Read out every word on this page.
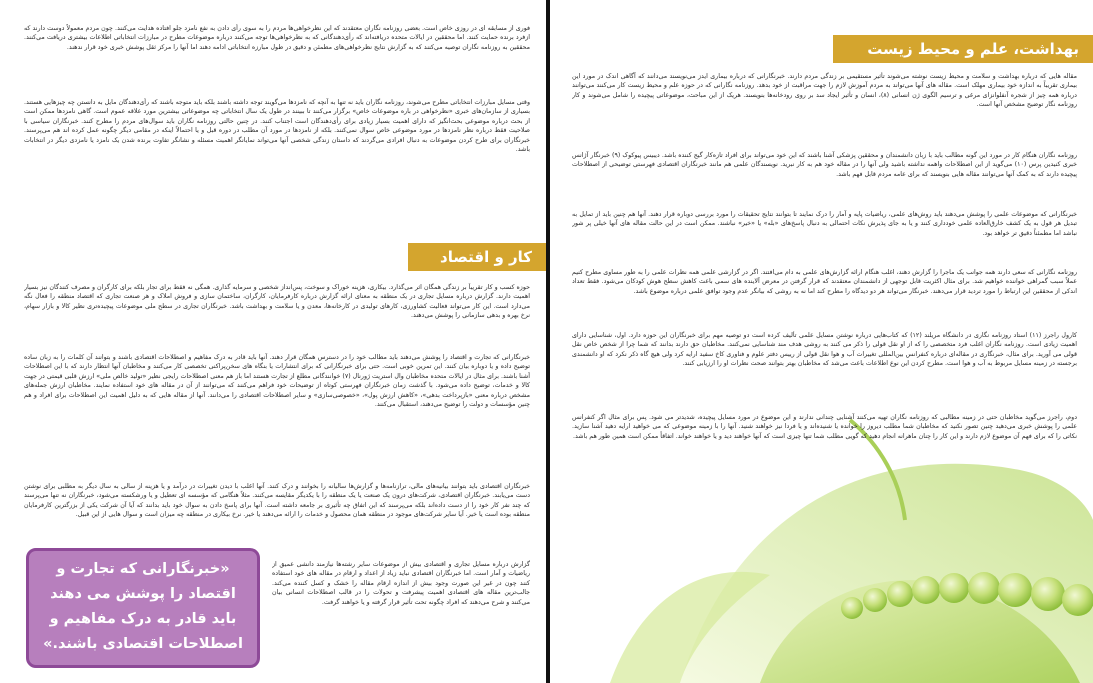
فوری از مسابقه ای در روزی خاص است. بعضی روزنامه نگاران معتقدند که این نظرخواهی‌ها مردم را به سوی رأی دادن به نفع نامزد جلو افتاده هدایت می‌کنند. چون مردم معمولاً دوست دارند که ازفرد برنده حمایت کنند. اما محققین در ایالات متحده دریافته‌اند که رأی‌دهندگانی که به نظرخواهی‌ها توجه می‌کنند درباره موضوعات مطرح در مبارزات انتخاباتی اطلاعات بیشتری دریافت می‌کنند. محققین به روزنامه نگاران توصیه می‌کنند که به گزارش نتایج نظرخواهی‌های مطمئن و دقیق در طول مبارزه انتخاباتی ادامه دهند اما آنها را مرکز ثقل پوشش خبری خود قرار ندهند.

وقتی مسایل مبارزات انتخاباتی مطرح می‌شوند، روزنامه نگاران باید نه تنها به آنچه که نامزدها می‌گویند توجه داشته باشند بلکه باید متوجه باشند که رأی‌دهندگان مایل به دانستن چه چیزهایی هستند. بسیاری از سازمان‌های خبری «نظرخواهی در باره موضوعات خاص» برگزار می‌کنند تا ببینند در طول یک سال انتخاباتی چه موضوعاتی بیشترین مورد علاقه عموم است. گاهی نامزدها ممکن است از بحث درباره موضوعی بحث‌انگیز که دارای اهمیت بسیار زیادی برای رأی‌دهندگان است اجتناب کنند. در چنین حالتی روزنامه نگاران باید سوال‌های مردم را مطرح کنند. خبرنگاران سیاسی با صلاحیت فقط درباره نظر نامزدها در مورد موضوعی خاص سوال نمی‌کنند. بلکه از نامزدها در مورد آن مطلب در دوره قبل و یا احتمالاً اینکه در مقامی دیگر چگونه عمل کرده اند هم می‌پرسند. خبرنگاران برای طرح کردن موضوعات به دنبال افرادی می‌گردند که داستان زندگی شخصی آنها می‌تواند نمایانگر اهمیت مسئله و نشانگر تفاوت برنده شدن یک نامزد یا نامزدی دیگر در انتخابات باشد.

کار و اقتصاد

حوزه کسب و کار تقریباً بر زندگی همگان اثر می‌گذارد. بیکاری، هزینه خوراک و سوخت، پس‌انداز شخصی و سرمایه گذاری. همگی نه فقط برای تجار بلکه برای کارگران و مصرف کنندگان نیز بسیار اهمیت دارند. گزارش درباره مسایل تجاری در یک منطقه به معنای ارائه گزارش درباره کارفرمایان، کارگران، ساختمان سازی و فروش املاک و هر صنعت تجاری که اقتصاد منطقه را فعال نگه می‌دارد است. این کار می‌تواند فعالیت کشاورزی، کارهای تولیدی در کارخانه‌ها، معدن و یا سلامت و بهداشت باشد. خبرنگاران تجاری در سطح ملی موضوعات پیچیده‌تری نظیر کالا و بازار سهام، نرخ بهره و بدهی سازمانی را پوشش می‌دهند.

خبرنگارانی که تجارت و اقتصاد را پوشش می‌دهند باید مطالب خود را در دسترس همگان قرار دهند. آنها باید قادر به درک مفاهیم و اصطلاحات اقتصادی باشند و بتوانند آن کلمات را به زبان ساده توضیح داده و یا دوباره بیان کنند. این تمرین خوبی است. حتی برای خبرنگارانی که برای انتشارات یا بنگاه های سخن‌پراکنی تخصصی کار می‌کنند و مخاطبان آنها انتظار دارند که با این اصطلاحات آشنا باشند. برای مثال در ایالات متحده مخاطبان وال استریت ژورنال (۷) خوانندگانی مطلع از تجارت هستند اما باز هم معنی اصطلاحات رایجی نظیر «تولید خالص ملی» ارزش قلبی قیمتی در جهت کالا و خدمات، توضیح داده می‌شود. با گذشت زمان خبرنگاران فهرستی کوتاه از توضیحات خود فراهم می‌کنند که می‌توانند از آن در مقاله های خود استفاده نمایند. مخاطبان ارزش جمله‌های مشخص درباره معنی «بازپرداخت بدهی»، «کاهش ارزش پول»، «خصوصی‌سازی» و سایر اصطلاحات اقتصادی را می‌دانند. آنها از مقاله هایی که به دلیل اهمیت این اصطلاحات برای افراد و هم چنین مؤسسات و دولت را توضیح می‌دهند، استقبال می‌کنند.

خبرنگاران اقتصادی باید بتوانند بیانیه‌های مالی، ترازنامه‌ها و گزارش‌ها سالیانه را بخوانند و درک کنند. آنها اغلب با دیدن تغییرات در درآمد و یا هزینه از سالی به سال دیگر به مطلبی برای نوشتن دست می‌یابند. خبرنگاران اقتصادی، شرکت‌های درون یک صنعت یا یک منطقه را با یکدیگر مقایسه می‌کنند. مثلاً هنگامی که مؤسسه ای تعطیل و یا ورشکسته می‌شود، خبرنگاران نه تنها می‌پرسند که چند نفر کار خود را از دست داده‌اند بلکه می‌پرسند که این اتفاق چه تأثیری بر جامعه داشته است. آنها برای پاسخ دادن به سوال خود باید بدانند که آیا آن شرکت یکی از بزرگترین کارفرمایان منطقه بوده است یا خیر. آیا سایر شرکت‌های موجود در منطقه همان محصول و خدمات را ارائه می‌دهند یا خیر. نرخ بیکاری در منطقه چه میزان است و سوال هایی از این قبیل.

گزارش درباره مسایل تجاری و اقتصادی بیش از موضوعات سایر رشته‌ها نیازمند دانشی عمیق از ریاضیات و آمار است. اما خبرنگاران اقتصادی نباید زیاد از اعداد و ارقام در مقاله های خود استفاده کنند چون در غیر این صورت وجود بیش از اندازه ارقام مقاله را خشک و کسل کننده می‌کند. جالب‌ترین مقاله های اقتصادی اهمیت پیشرفت و تحولات را در قالب اصطلاحات انسانی بیان می‌کنند و شرح می‌دهند که افراد چگونه تحت تأثیر قرار گرفته و یا خواهند گرفت.

«خبرنگارانی که تجارت و اقتصاد را پوشش می دهند باید قادر به درک مفاهیم و اصطلاحات اقتصادی باشند.»
بهداشت، علم و محیط زیست

مقاله هایی که درباره بهداشت و سلامت و محیط زیست نوشته می‌شوند تأثیر مستقیمی بر زندگی مردم دارند. خبرنگارانی که درباره بیماری ایدز می‌نویسند می‌دانند که آگاهی اندک در مورد این بیماری تقریباً به اندازه خود بیماری مهلک است. مقاله های آنها می‌تواند به مردم آموزش لازم را جهت مراقبت از خود بدهد. روزنامه نگارانی که در حوزه علم و محیط زیست کار می‌کنند می‌توانند درباره همه چیز از شجره آنفلوانزای مرغی و ترسیم الگوی ژن انسانی (۸)، انسان و تأثیر ایجاد سد بر روی رودخانه‌ها بنویسند. هریک از این مباحث، موضوعاتی پیچیده را شامل می‌شوند و کار روزنامه نگار توضیح مشخص آنها است.

روزنامه نگاران هنگام کار در مورد این گونه مطالب باید با زبان دانشمندان و محققین پزشکی آشنا باشند که این خود می‌تواند برای افراد تازه‌کار گیج کننده باشد. دیبیس پیوکوک (۹) خبرنگار آژانس خبری کنیدین پرس (۱۰) می‌گوید از این اصطلاحات واهمه نداشته باشید ولی آنها را در مقاله خود هم به کار نبرید. نویسندگان علمی هم مانند خبرنگاران اقتصادی فهرستی توضیحی از اصطلاحات پیچیده دارند که به کمک آنها می‌توانند مقاله هایی بنویسند که برای عامه مردم قابل فهم باشد.

خبرنگارانی که موضوعات علمی را پوشش می‌دهند باید روش‌های علمی، ریاضیات پایه و آمار را درک نمایند تا بتوانند نتایج تحقیقات را مورد بررسی دوباره قرار دهند. آنها هم چنین باید از تمایل به تبدیل هر قول به یک کشف خارق‌العاده علمی خودداری کنند و یا به جای پذیرش نکات احتمالی به دنبال پاسخ‌های «بله» یا «خیر» نباشند. ممکن است در این حالت مقاله های آنها خیلی پر شور نباشد اما مطمئناً دقیق تر خواهد بود.

روزنامه نگارانی که سعی دارند همه جوانب یک ماجرا را گزارش دهند، اغلب هنگام ارائه گزارش‌های علمی به دام می‌افتند. اگر در گزارشی علمی همه نظرات علمی را به طور مساوی مطرح کنیم عملاً سبب گمراهی خواننده خواهیم شد. برای مثال اکثریت قابل توجهی از دانشمندان معتقدند که قرار گرفتن در معرض آلاینده های سمی باعث کاهش سطح هوش کودکان می‌شود. فقط تعداد اندکی از محققین این ارتباط را مورد تردید قرار می‌دهند. خبرنگار می‌تواند هر دو دیدگاه را مطرح کند اما نه به روشی که بیانگر عدم وجود توافق علمی درباره موضوع باشد.

کارول راجرز (۱۱) استاد روزنامه نگاری در دانشگاه مریلند (۱۲) که کتاب‌هایی درباره نوشتن مسایل علمی تألیف کرده است دو توصیه مهم برای خبرنگاران این حوزه دارد. اول، شناسایی دارای اهمیت زیادی است. روزنامه نگاران اغلب فرد متخصصی را که از او نقل قولی را ذکر می کنند به روشی هدف مند شناسایی نمی‌کنند. مخاطبان حق دارند بدانند که شما چرا از شخص خاص نقل قولی می آورید. برای مثال، خبرنگاری در مقاله‌ای درباره کنفرانس بین‌المللی تغییرات آب و هوا نقل قولی از رییس دفتر علوم و فناوری کاخ سفید ارایه کرد ولی هیچ گاه ذکر نکرد که او دانشمندی برجسته در زمینه مسایل مربوط به آب و هوا است. مطرح کردن این نوع اطلاعات باعث می‌شد که مخاطبان بهتر بتوانند صحت نظرات او را ارزیابی کنند.

دوم، راجرز می‌گوید مخاطبان حتی در زمینه مطالبی که روزنامه نگاران تهیه می‌کنند آشنایی چندانی ندارند و این موضوع در مورد مسایل پیچیده، شدیدتر می شود. پس برای مثال اگر کنفرانس علمی را پوشش خبری می‌دهید چنین تصور نکنید که مخاطبان شما مطلب دیروز را خوانده یا شنیده‌اند و یا فردا نیز خواهند شنید. آنها را با زمینه موضوعی که می خواهید ارایه دهید آشنا سازید. نکاتی را که برای فهم آن موضوع لازم دارند و این کار را چنان ماهرانه انجام دهید که گویی مطلب شما تنها چیزی است که آنها خواهند دید و یا خواهند خواند. اتفاقاً ممکن است همین طور هم باشد.
